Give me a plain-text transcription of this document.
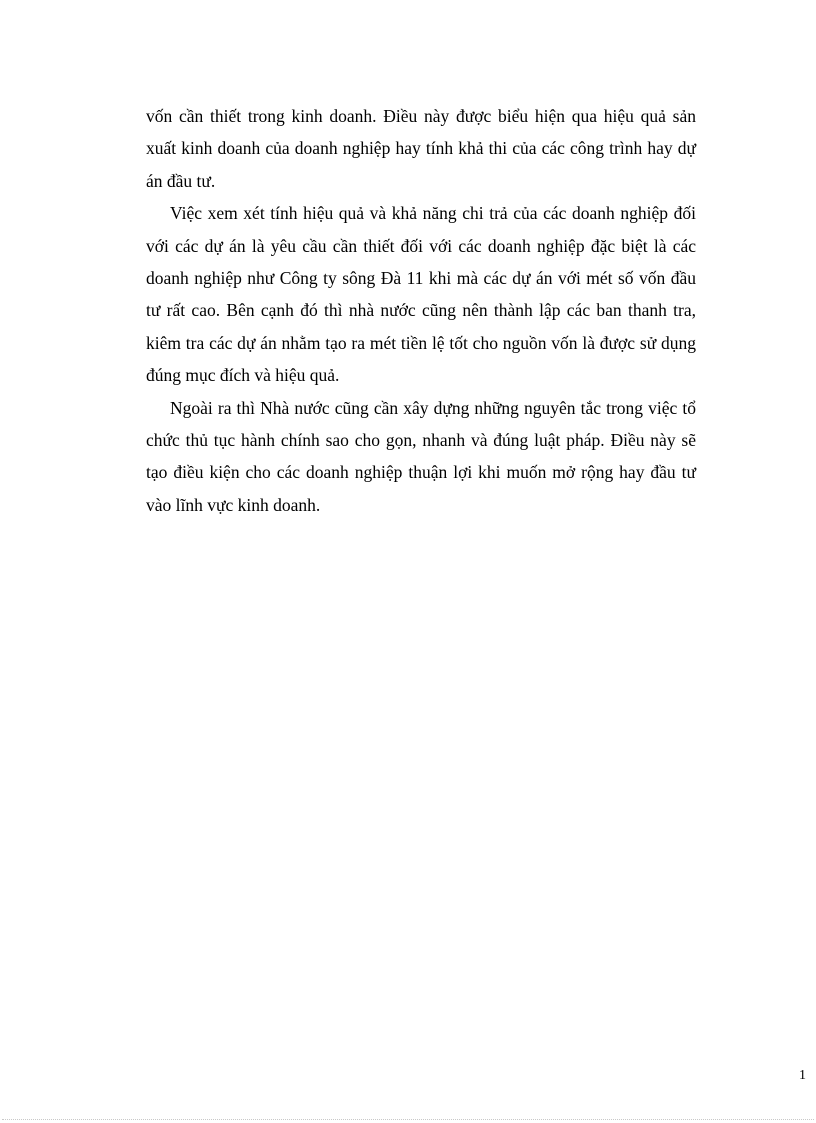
vốn cần thiết trong kinh doanh. Điều này được biểu hiện qua hiệu quả sản xuất kinh doanh của doanh nghiệp hay tính khả thi của các công trình hay dự án đầu tư.

Việc xem xét tính hiệu quả và khả năng chi trả của các doanh nghiệp đối với các dự án là yêu cầu cần thiết đối với các doanh nghiệp đặc biệt là các doanh nghiệp như Công ty sông Đà 11 khi mà các dự án với mét số vốn đầu tư rất cao. Bên cạnh đó thì nhà nước cũng nên thành lập các ban thanh tra, kiêm tra các dự án nhằm tạo ra mét tiền lệ tốt cho nguồn vốn là được sử dụng đúng mục đích và hiệu quả.

Ngoài ra thì Nhà nước cũng cần xây dựng những nguyên tắc trong việc tổ chức thủ tục hành chính sao cho gọn, nhanh và đúng luật pháp. Điều này sẽ tạo điều kiện cho các doanh nghiệp thuận lợi khi muốn mở rộng hay đầu tư vào lĩnh vực kinh doanh.

1
